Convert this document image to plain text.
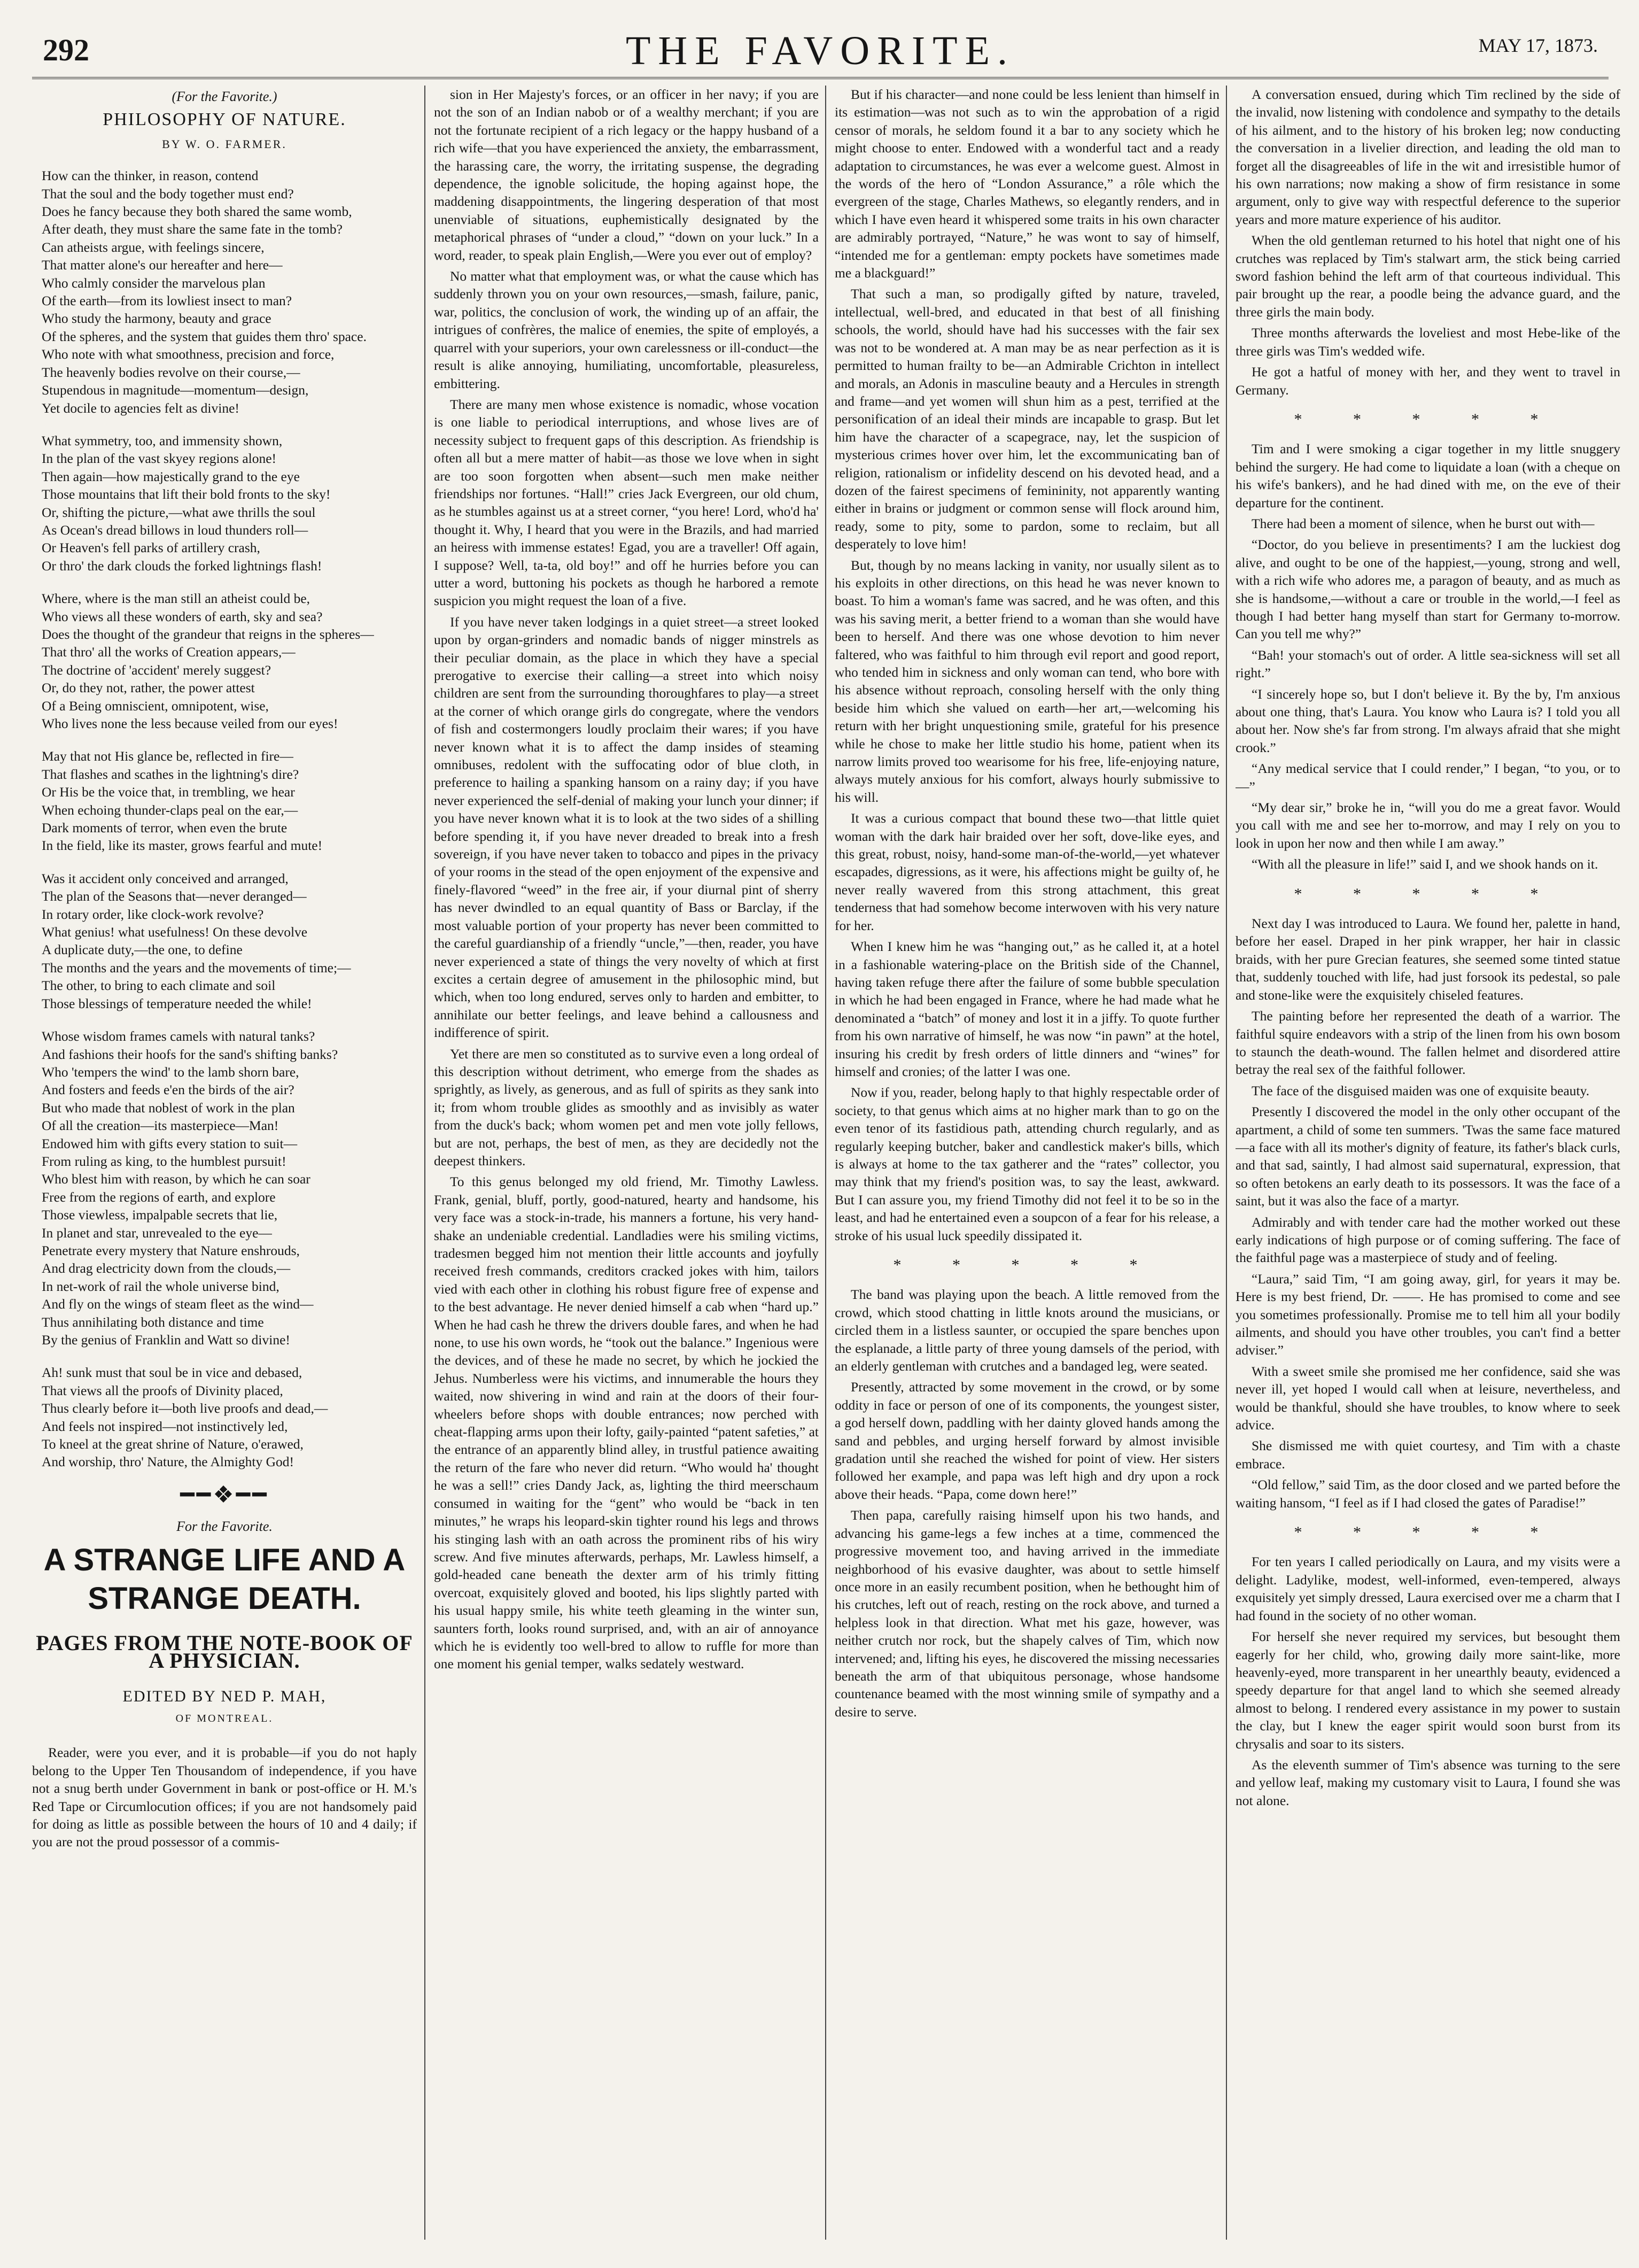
292	THE FAVORITE.	MAY 17, 1873.
(For the Favorite.)
PHILOSOPHY OF NATURE.
BY W. O. FARMER.
How can the thinker, in reason, contend
That the soul and the body together must end?
Does he fancy because they both shared the same womb,
After death, they must share the same fate in the tomb?
Can atheists argue, with feelings sincere,
That matter alone's our hereafter and here—
Who calmly consider the marvelous plan
Of the earth—from its lowliest insect to man?
Who study the harmony, beauty and grace
Of the spheres, and the system that guides them thro' space.
Who note with what smoothness, precision and force,
The heavenly bodies revolve on their course,—
Stupendous in magnitude—momentum—design,
Yet docile to agencies felt as divine!
What symmetry, too, and immensity shown,
In the plan of the vast skyey regions alone!
Then again—how majestically grand to the eye
Those mountains that lift their bold fronts to the sky!
Or, shifting the picture,—what awe thrills the soul
As Ocean's dread billows in loud thunders roll—
Or Heaven's fell parks of artillery crash,
Or thro' the dark clouds the forked lightnings flash!
Where, where is the man still an atheist could be,
Who views all these wonders of earth, sky and sea?
Does the thought of the grandeur that reigns in the spheres—
That thro' all the works of Creation appears,—
The doctrine of 'accident' merely suggest?
Or, do they not, rather, the power attest
Of a Being omniscient, omnipotent, wise,
Who lives none the less because veiled from our eyes!
May that not His glance be, reflected in fire—
That flashes and scathes in the lightning's dire?
Or His be the voice that, in trembling, we hear
When echoing thunder-claps peal on the ear,—
Dark moments of terror, when even the brute
In the field, like its master, grows fearful and mute!
Was it accident only conceived and arranged,
The plan of the Seasons that—never deranged—
In rotary order, like clock-work revolve?
What genius! what usefulness! On these devolve
A duplicate duty,—the one, to define
The months and the years and the movements of time;—
The other, to bring to each climate and soil
Those blessings of temperature needed the while!
Whose wisdom frames camels with natural tanks?
And fashions their hoofs for the sand's shifting banks?
Who 'tempers the wind' to the lamb shorn bare,
And fosters and feeds e'en the birds of the air?
But who made that noblest of work in the plan
Of all the creation—its masterpiece—Man!
Endowed him with gifts every station to suit—
From ruling as king, to the humblest pursuit!
Who blest him with reason, by which he can soar
Free from the regions of earth, and explore
Those viewless, impalpable secrets that lie,
In planet and star, unrevealed to the eye—
Penetrate every mystery that Nature enshrouds,
And drag electricity down from the clouds,—
In net-work of rail the whole universe bind,
And fly on the wings of steam fleet as the wind—
Thus annihilating both distance and time
By the genius of Franklin and Watt so divine!
Ah! sunk must that soul be in vice and debased,
That views all the proofs of Divinity placed,
Thus clearly before it—both live proofs and dead,—
And feels not inspired—not instinctively led,
To kneel at the great shrine of Nature, o'erawed,
And worship, thro' Nature, the Almighty God!
━━❖━━
For the Favorite.
A STRANGE LIFE AND A STRANGE DEATH.
PAGES FROM THE NOTE-BOOK OF A PHYSICIAN.
EDITED BY NED P. MAH,
OF MONTREAL.

Reader, were you ever, and it is probable—if you do not haply belong to the Upper Ten Thousandom of independence, if you have not a snug berth under Government in bank or post-office or H. M.'s Red Tape or Circumlocution offices; if you are not handsomely paid for doing as little as possible between the hours of 10 and 4 daily; if you are not the proud possessor of a commis-

sion in Her Majesty's forces, or an officer in her navy; if you are not the son of an Indian nabob or of a wealthy merchant; if you are not the fortunate recipient of a rich legacy or the happy husband of a rich wife—that you have experienced the anxiety, the embarrassment, the harassing care, the worry, the irritating suspense, the degrading dependence, the ignoble solicitude, the hoping against hope, the maddening disappointments, the lingering desperation of that most unenviable of situations, euphemistically designated by the metaphorical phrases of “under a cloud,” “down on your luck.” In a word, reader, to speak plain English,—Were you ever out of employ?

No matter what that employment was, or what the cause which has suddenly thrown you on your own resources,—smash, failure, panic, war, politics, the conclusion of work, the winding up of an affair, the intrigues of confrères, the malice of enemies, the spite of employés, a quarrel with your superiors, your own carelessness or ill-conduct—the result is alike annoying, humiliating, uncomfortable, pleasureless, embittering.

There are many men whose existence is nomadic, whose vocation is one liable to periodical interruptions, and whose lives are of necessity subject to frequent gaps of this description. As friendship is often all but a mere matter of habit—as those we love when in sight are too soon forgotten when absent—such men make neither friendships nor fortunes. “Hall!” cries Jack Evergreen, our old chum, as he stumbles against us at a street corner, “you here! Lord, who'd ha' thought it. Why, I heard that you were in the Brazils, and had married an heiress with immense estates! Egad, you are a traveller! Off again, I suppose? Well, ta-ta, old boy!” and off he hurries before you can utter a word, buttoning his pockets as though he harbored a remote suspicion you might request the loan of a five.

If you have never taken lodgings in a quiet street—a street looked upon by organ-grinders and nomadic bands of nigger minstrels as their peculiar domain, as the place in which they have a special prerogative to exercise their calling—a street into which noisy children are sent from the surrounding thoroughfares to play—a street at the corner of which orange girls do congregate, where the vendors of fish and costermongers loudly proclaim their wares; if you have never known what it is to affect the damp insides of steaming omnibuses, redolent with the suffocating odor of blue cloth, in preference to hailing a spanking hansom on a rainy day; if you have never experienced the self-denial of making your lunch your dinner; if you have never known what it is to look at the two sides of a shilling before spending it, if you have never dreaded to break into a fresh sovereign, if you have never taken to tobacco and pipes in the privacy of your rooms in the stead of the open enjoyment of the expensive and finely-flavored “weed” in the free air, if your diurnal pint of sherry has never dwindled to an equal quantity of Bass or Barclay, if the most valuable portion of your property has never been committed to the careful guardianship of a friendly “uncle,”—then, reader, you have never experienced a state of things the very novelty of which at first excites a certain degree of amusement in the philosophic mind, but which, when too long endured, serves only to harden and embitter, to annihilate our better feelings, and leave behind a callousness and indifference of spirit.

Yet there are men so constituted as to survive even a long ordeal of this description without detriment, who emerge from the shades as sprightly, as lively, as generous, and as full of spirits as they sank into it; from whom trouble glides as smoothly and as invisibly as water from the duck's back; whom women pet and men vote jolly fellows, but are not, perhaps, the best of men, as they are decidedly not the deepest thinkers.

To this genus belonged my old friend, Mr. Timothy Lawless. Frank, genial, bluff, portly, good-natured, hearty and handsome, his very face was a stock-in-trade, his manners a fortune, his very hand-shake an undeniable credential. Landladies were his smiling victims, tradesmen begged him not mention their little accounts and joyfully received fresh commands, creditors cracked jokes with him, tailors vied with each other in clothing his robust figure free of expense and to the best advantage. He never denied himself a cab when “hard up.” When he had cash he threw the drivers double fares, and when he had none, to use his own words, he “took out the balance.” Ingenious were the devices, and of these he made no secret, by which he jockied the Jehus. Numberless were his victims, and innumerable the hours they waited, now shivering in wind and rain at the doors of their four-wheelers before shops with double entrances; now perched with cheat-flapping arms upon their lofty, gaily-painted “patent safeties,” at the entrance of an apparently blind alley, in trustful patience awaiting the return of the fare who never did return. “Who would ha' thought he was a sell!” cries Dandy Jack, as, lighting the third meerschaum consumed in waiting for the “gent” who would be “back in ten minutes,” he wraps his leopard-skin tighter round his legs and throws his stinging lash with an oath across the prominent ribs of his wiry screw. And five minutes afterwards, perhaps, Mr. Lawless himself, a gold-headed cane beneath the dexter arm of his trimly fitting overcoat, exquisitely gloved and booted, his lips slightly parted with his usual happy smile, his white teeth gleaming in the winter sun, saunters forth, looks round surprised, and, with an air of annoyance which he is evidently too well-bred to allow to ruffle for more than one moment his genial temper, walks sedately westward.

But if his character—and none could be less lenient than himself in its estimation—was not such as to win the approbation of a rigid censor of morals, he seldom found it a bar to any society which he might choose to enter. Endowed with a wonderful tact and a ready adaptation to circumstances, he was ever a welcome guest. Almost in the words of the hero of “London Assurance,” a rôle which the evergreen of the stage, Charles Mathews, so elegantly renders, and in which I have even heard it whispered some traits in his own character are admirably portrayed, “Nature,” he was wont to say of himself, “intended me for a gentleman: empty pockets have sometimes made me a blackguard!”

That such a man, so prodigally gifted by nature, traveled, intellectual, well-bred, and educated in that best of all finishing schools, the world, should have had his successes with the fair sex was not to be wondered at. A man may be as near perfection as it is permitted to human frailty to be—an Admirable Crichton in intellect and morals, an Adonis in masculine beauty and a Hercules in strength and frame—and yet women will shun him as a pest, terrified at the personification of an ideal their minds are incapable to grasp. But let him have the character of a scapegrace, nay, let the suspicion of mysterious crimes hover over him, let the excommunicating ban of religion, rationalism or infidelity descend on his devoted head, and a dozen of the fairest specimens of femininity, not apparently wanting either in brains or judgment or common sense will flock around him, ready, some to pity, some to pardon, some to reclaim, but all desperately to love him!

But, though by no means lacking in vanity, nor usually silent as to his exploits in other directions, on this head he was never known to boast. To him a woman's fame was sacred, and he was often, and this was his saving merit, a better friend to a woman than she would have been to herself. And there was one whose devotion to him never faltered, who was faithful to him through evil report and good report, who tended him in sickness and only woman can tend, who bore with his absence without reproach, consoling herself with the only thing beside him which she valued on earth—her art,—welcoming his return with her bright unquestioning smile, grateful for his presence while he chose to make her little studio his home, patient when its narrow limits proved too wearisome for his free, life-enjoying nature, always mutely anxious for his comfort, always hourly submissive to his will.

It was a curious compact that bound these two—that little quiet woman with the dark hair braided over her soft, dove-like eyes, and this great, robust, noisy, hand-some man-of-the-world,—yet whatever escapades, digressions, as it were, his affections might be guilty of, he never really wavered from this strong attachment, this great tenderness that had somehow become interwoven with his very nature for her.

When I knew him he was “hanging out,” as he called it, at a hotel in a fashionable watering-place on the British side of the Channel, having taken refuge there after the failure of some bubble speculation in which he had been engaged in France, where he had made what he denominated a “batch” of money and lost it in a jiffy. To quote further from his own narrative of himself, he was now “in pawn” at the hotel, insuring his credit by fresh orders of little dinners and “wines” for himself and cronies; of the latter I was one.

Now if you, reader, belong haply to that highly respectable order of society, to that genus which aims at no higher mark than to go on the even tenor of its fastidious path, attending church regularly, and as regularly keeping butcher, baker and candlestick maker's bills, which is always at home to the tax gatherer and the “rates” collector, you may think that my friend's position was, to say the least, awkward. But I can assure you, my friend Timothy did not feel it to be so in the least, and had he entertained even a soupcon of a fear for his release, a stroke of his usual luck speedily dissipated it.

* * * * *

The band was playing upon the beach. A little removed from the crowd, which stood chatting in little knots around the musicians, or circled them in a listless saunter, or occupied the spare benches upon the esplanade, a little party of three young damsels of the period, with an elderly gentleman with crutches and a bandaged leg, were seated.

Presently, attracted by some movement in the crowd, or by some oddity in face or person of one of its components, the youngest sister, a god herself down, paddling with her dainty gloved hands among the sand and pebbles, and urging herself forward by almost invisible gradation until she reached the wished for point of view. Her sisters followed her example, and papa was left high and dry upon a rock above their heads. “Papa, come down here!”

Then papa, carefully raising himself upon his two hands, and advancing his game-legs a few inches at a time, commenced the progressive movement too, and having arrived in the immediate neighborhood of his evasive daughter, was about to settle himself once more in an easily recumbent position, when he bethought him of his crutches, left out of reach, resting on the rock above, and turned a helpless look in that direction. What met his gaze, however, was neither crutch nor rock, but the shapely calves of Tim, which now intervened; and, lifting his eyes, he discovered the missing necessaries beneath the arm of that ubiquitous personage, whose handsome countenance beamed with the most winning smile of sympathy and a desire to serve.

A conversation ensued, during which Tim reclined by the side of the invalid, now listening with condolence and sympathy to the details of his ailment, and to the history of his broken leg; now conducting the conversation in a livelier direction, and leading the old man to forget all the disagreeables of life in the wit and irresistible humor of his own narrations; now making a show of firm resistance in some argument, only to give way with respectful deference to the superior years and more mature experience of his auditor.

When the old gentleman returned to his hotel that night one of his crutches was replaced by Tim's stalwart arm, the stick being carried sword fashion behind the left arm of that courteous individual. This pair brought up the rear, a poodle being the advance guard, and the three girls the main body.

Three months afterwards the loveliest and most Hebe-like of the three girls was Tim's wedded wife.

He got a hatful of money with her, and they went to travel in Germany.

* * * * *

Tim and I were smoking a cigar together in my little snuggery behind the surgery. He had come to liquidate a loan (with a cheque on his wife's bankers), and he had dined with me, on the eve of their departure for the continent.

There had been a moment of silence, when he burst out with—

“Doctor, do you believe in presentiments? I am the luckiest dog alive, and ought to be one of the happiest,—young, strong and well, with a rich wife who adores me, a paragon of beauty, and as much as she is handsome,—without a care or trouble in the world,—I feel as though I had better hang myself than start for Germany to-morrow. Can you tell me why?”

“Bah! your stomach's out of order. A little sea-sickness will set all right.”

“I sincerely hope so, but I don't believe it. By the by, I'm anxious about one thing, that's Laura. You know who Laura is? I told you all about her. Now she's far from strong. I'm always afraid that she might crook.”

“Any medical service that I could render,” I began, “to you, or to—”

“My dear sir,” broke he in, “will you do me a great favor. Would you call with me and see her to-morrow, and may I rely on you to look in upon her now and then while I am away.”

“With all the pleasure in life!” said I, and we shook hands on it.

* * * * *

Next day I was introduced to Laura. We found her, palette in hand, before her easel. Draped in her pink wrapper, her hair in classic braids, with her pure Grecian features, she seemed some tinted statue that, suddenly touched with life, had just forsook its pedestal, so pale and stone-like were the exquisitely chiseled features.

The painting before her represented the death of a warrior. The faithful squire endeavors with a strip of the linen from his own bosom to staunch the death-wound. The fallen helmet and disordered attire betray the real sex of the faithful follower.

The face of the disguised maiden was one of exquisite beauty.

Presently I discovered the model in the only other occupant of the apartment, a child of some ten summers. 'Twas the same face matured—a face with all its mother's dignity of feature, its father's black curls, and that sad, saintly, I had almost said supernatural, expression, that so often betokens an early death to its possessors. It was the face of a saint, but it was also the face of a martyr.

Admirably and with tender care had the mother worked out these early indications of high purpose or of coming suffering. The face of the faithful page was a masterpiece of study and of feeling.

“Laura,” said Tim, “I am going away, girl, for years it may be. Here is my best friend, Dr. ——. He has promised to come and see you sometimes professionally. Promise me to tell him all your bodily ailments, and should you have other troubles, you can't find a better adviser.”

With a sweet smile she promised me her confidence, said she was never ill, yet hoped I would call when at leisure, nevertheless, and would be thankful, should she have troubles, to know where to seek advice.

She dismissed me with quiet courtesy, and Tim with a chaste embrace.

“Old fellow,” said Tim, as the door closed and we parted before the waiting hansom, “I feel as if I had closed the gates of Paradise!”

* * * * *

For ten years I called periodically on Laura, and my visits were a delight. Ladylike, modest, well-informed, even-tempered, always exquisitely yet simply dressed, Laura exercised over me a charm that I had found in the society of no other woman.

For herself she never required my services, but besought them eagerly for her child, who, growing daily more saint-like, more heavenly-eyed, more transparent in her unearthly beauty, evidenced a speedy departure for that angel land to which she seemed already almost to belong. I rendered every assistance in my power to sustain the clay, but I knew the eager spirit would soon burst from its chrysalis and soar to its sisters.

As the eleventh summer of Tim's absence was turning to the sere and yellow leaf, making my customary visit to Laura, I found she was not alone.
